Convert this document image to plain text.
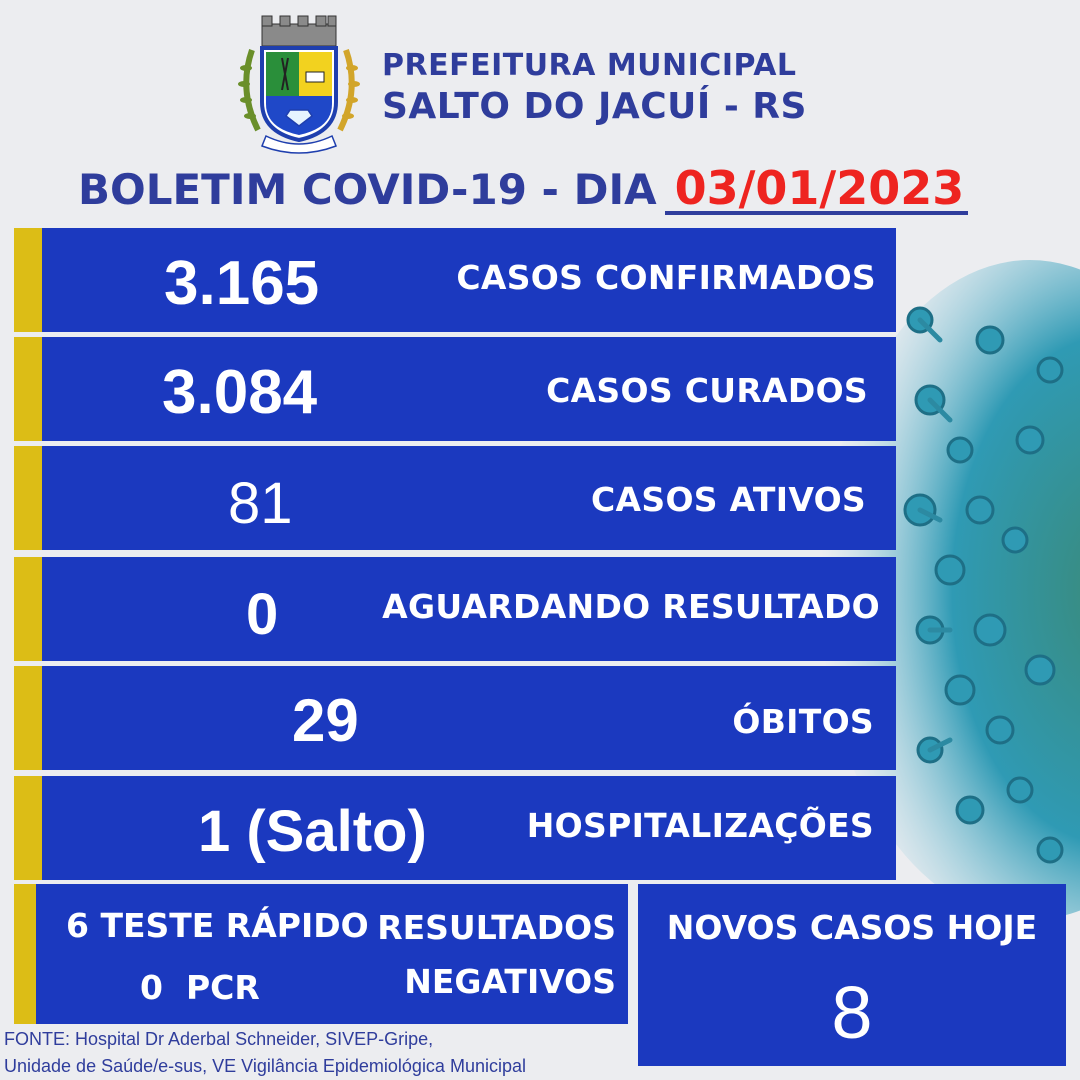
PREFEITURA MUNICIPAL
SALTO DO JACUÍ - RS
BOLETIM COVID-19 - DIA 03/01/2023
3.165	CASOS CONFIRMADOS
3.084	CASOS CURADOS
81	CASOS ATIVOS
0	AGUARDANDO RESULTADO
29	ÓBITOS
1 (Salto)	HOSPITALIZAÇÕES
6 TESTE RÁPIDO
0  PCR
RESULTADOS
NEGATIVOS
NOVOS CASOS HOJE
8
FONTE: Hospital Dr Aderbal Schneider, SIVEP-Gripe,
Unidade de Saúde/e-sus, VE Vigilância Epidemiológica Municipal
